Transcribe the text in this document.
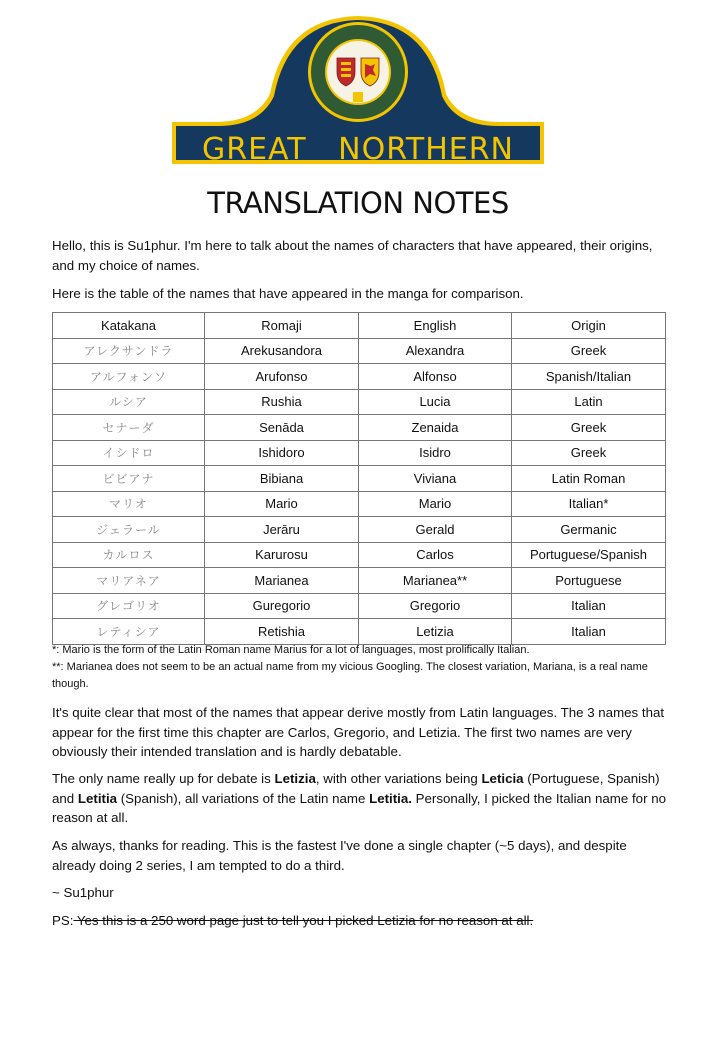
GREAT   NORTHERN
TRANSLATION NOTES

Hello, this is Su1phur. I'm here to talk about the names of characters that have appeared, their origins, and my choice of names.

Here is the table of the names that have appeared in the manga for comparison.

Katakana	Romaji	English	Origin
アレクサンドラ	Arekusandora	Alexandra	Greek
アルフォンソ	Arufonso	Alfonso	Spanish/Italian
ルシア	Rushia	Lucia	Latin
セナーダ	Senāda	Zenaida	Greek
イシドロ	Ishidoro	Isidro	Greek
ビビアナ	Bibiana	Viviana	Latin Roman
マリオ	Mario	Mario	Italian*
ジェラール	Jerāru	Gerald	Germanic
カルロス	Karurosu	Carlos	Portuguese/Spanish
マリアネア	Marianea	Marianea**	Portuguese
グレゴリオ	Guregorio	Gregorio	Italian
レティシア	Retishia	Letizia	Italian

*: Mario is the form of the Latin Roman name Marius for a lot of languages, most prolifically Italian.

**: Marianea does not seem to be an actual name from my vicious Googling. The closest variation, Mariana, is a real name though.

It's quite clear that most of the names that appear derive mostly from Latin languages. The 3 names that appear for the first time this chapter are Carlos, Gregorio, and Letizia. The first two names are very obviously their intended translation and is hardly debatable.

The only name really up for debate is Letizia, with other variations being Leticia (Portuguese, Spanish) and Letitia (Spanish), all variations of the Latin name Letitia. Personally, I picked the Italian name for no reason at all.

As always, thanks for reading. This is the fastest I've done a single chapter (~5 days), and despite already doing 2 series, I am tempted to do a third.

~ Su1phur

PS: Yes this is a 250 word page just to tell you I picked Letizia for no reason at all.
